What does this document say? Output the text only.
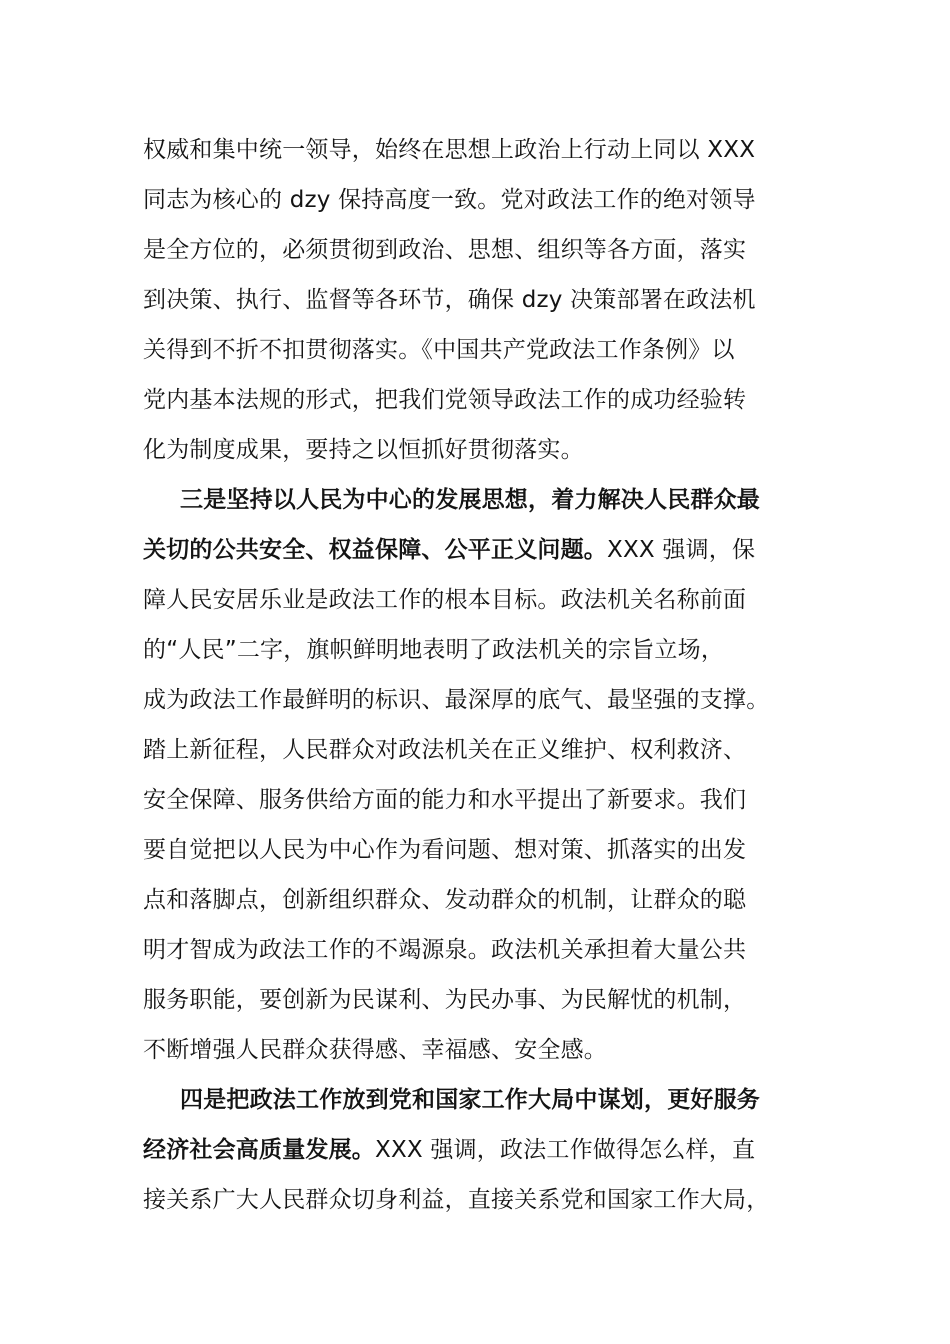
权威和集中统一领导，始终在思想上政治上行动上同以 XXX
同志为核心的 dzy 保持高度一致。党对政法工作的绝对领导
是全方位的，必须贯彻到政治、思想、组织等各方面，落实
到决策、执行、监督等各环节，确保 dzy 决策部署在政法机
关得到不折不扣贯彻落实。《中国共产党政法工作条例》以
党内基本法规的形式，把我们党领导政法工作的成功经验转
化为制度成果，要持之以恒抓好贯彻落实。
三是坚持以人民为中心的发展思想，着力解决人民群众最
关切的公共安全、权益保障、公平正义问题。XXX 强调，保
障人民安居乐业是政法工作的根本目标。政法机关名称前面
的“人民”二字，旗帜鲜明地表明了政法机关的宗旨立场，
成为政法工作最鲜明的标识、最深厚的底气、最坚强的支撑。
踏上新征程，人民群众对政法机关在正义维护、权利救济、
安全保障、服务供给方面的能力和水平提出了新要求。我们
要自觉把以人民为中心作为看问题、想对策、抓落实的出发
点和落脚点，创新组织群众、发动群众的机制，让群众的聪
明才智成为政法工作的不竭源泉。政法机关承担着大量公共
服务职能，要创新为民谋利、为民办事、为民解忧的机制，
不断增强人民群众获得感、幸福感、安全感。
四是把政法工作放到党和国家工作大局中谋划，更好服务
经济社会高质量发展。XXX 强调，政法工作做得怎么样，直
接关系广大人民群众切身利益，直接关系党和国家工作大局，
